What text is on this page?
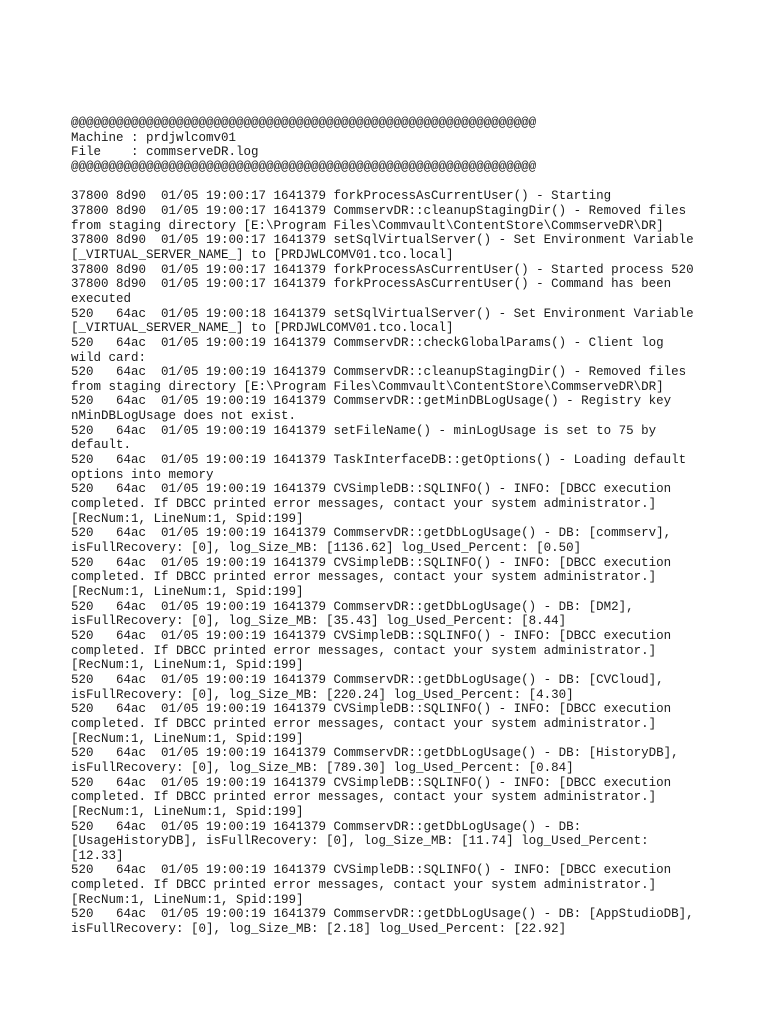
@@@@@@@@@@@@@@@@@@@@@@@@@@@@@@@@@@@@@@@@@@@@@@@@@@@@@@@@@@@@@@
Machine : prdjwlcomv01
File    : commserveDR.log
@@@@@@@@@@@@@@@@@@@@@@@@@@@@@@@@@@@@@@@@@@@@@@@@@@@@@@@@@@@@@@

37800 8d90  01/05 19:00:17 1641379 forkProcessAsCurrentUser() - Starting
37800 8d90  01/05 19:00:17 1641379 CommservDR::cleanupStagingDir() - Removed files
from staging directory [E:\Program Files\Commvault\ContentStore\CommserveDR\DR]
37800 8d90  01/05 19:00:17 1641379 setSqlVirtualServer() - Set Environment Variable
[_VIRTUAL_SERVER_NAME_] to [PRDJWLCOMV01.tco.local]
37800 8d90  01/05 19:00:17 1641379 forkProcessAsCurrentUser() - Started process 520
37800 8d90  01/05 19:00:17 1641379 forkProcessAsCurrentUser() - Command has been
executed
520   64ac  01/05 19:00:18 1641379 setSqlVirtualServer() - Set Environment Variable
[_VIRTUAL_SERVER_NAME_] to [PRDJWLCOMV01.tco.local]
520   64ac  01/05 19:00:19 1641379 CommservDR::checkGlobalParams() - Client log
wild card:
520   64ac  01/05 19:00:19 1641379 CommservDR::cleanupStagingDir() - Removed files
from staging directory [E:\Program Files\Commvault\ContentStore\CommserveDR\DR]
520   64ac  01/05 19:00:19 1641379 CommservDR::getMinDBLogUsage() - Registry key
nMinDBLogUsage does not exist.
520   64ac  01/05 19:00:19 1641379 setFileName() - minLogUsage is set to 75 by
default.
520   64ac  01/05 19:00:19 1641379 TaskInterfaceDB::getOptions() - Loading default
options into memory
520   64ac  01/05 19:00:19 1641379 CVSimpleDB::SQLINFO() - INFO: [DBCC execution
completed. If DBCC printed error messages, contact your system administrator.]
[RecNum:1, LineNum:1, Spid:199]
520   64ac  01/05 19:00:19 1641379 CommservDR::getDbLogUsage() - DB: [commserv],
isFullRecovery: [0], log_Size_MB: [1136.62] log_Used_Percent: [0.50]
520   64ac  01/05 19:00:19 1641379 CVSimpleDB::SQLINFO() - INFO: [DBCC execution
completed. If DBCC printed error messages, contact your system administrator.]
[RecNum:1, LineNum:1, Spid:199]
520   64ac  01/05 19:00:19 1641379 CommservDR::getDbLogUsage() - DB: [DM2],
isFullRecovery: [0], log_Size_MB: [35.43] log_Used_Percent: [8.44]
520   64ac  01/05 19:00:19 1641379 CVSimpleDB::SQLINFO() - INFO: [DBCC execution
completed. If DBCC printed error messages, contact your system administrator.]
[RecNum:1, LineNum:1, Spid:199]
520   64ac  01/05 19:00:19 1641379 CommservDR::getDbLogUsage() - DB: [CVCloud],
isFullRecovery: [0], log_Size_MB: [220.24] log_Used_Percent: [4.30]
520   64ac  01/05 19:00:19 1641379 CVSimpleDB::SQLINFO() - INFO: [DBCC execution
completed. If DBCC printed error messages, contact your system administrator.]
[RecNum:1, LineNum:1, Spid:199]
520   64ac  01/05 19:00:19 1641379 CommservDR::getDbLogUsage() - DB: [HistoryDB],
isFullRecovery: [0], log_Size_MB: [789.30] log_Used_Percent: [0.84]
520   64ac  01/05 19:00:19 1641379 CVSimpleDB::SQLINFO() - INFO: [DBCC execution
completed. If DBCC printed error messages, contact your system administrator.]
[RecNum:1, LineNum:1, Spid:199]
520   64ac  01/05 19:00:19 1641379 CommservDR::getDbLogUsage() - DB:
[UsageHistoryDB], isFullRecovery: [0], log_Size_MB: [11.74] log_Used_Percent:
[12.33]
520   64ac  01/05 19:00:19 1641379 CVSimpleDB::SQLINFO() - INFO: [DBCC execution
completed. If DBCC printed error messages, contact your system administrator.]
[RecNum:1, LineNum:1, Spid:199]
520   64ac  01/05 19:00:19 1641379 CommservDR::getDbLogUsage() - DB: [AppStudioDB],
isFullRecovery: [0], log_Size_MB: [2.18] log_Used_Percent: [22.92]
